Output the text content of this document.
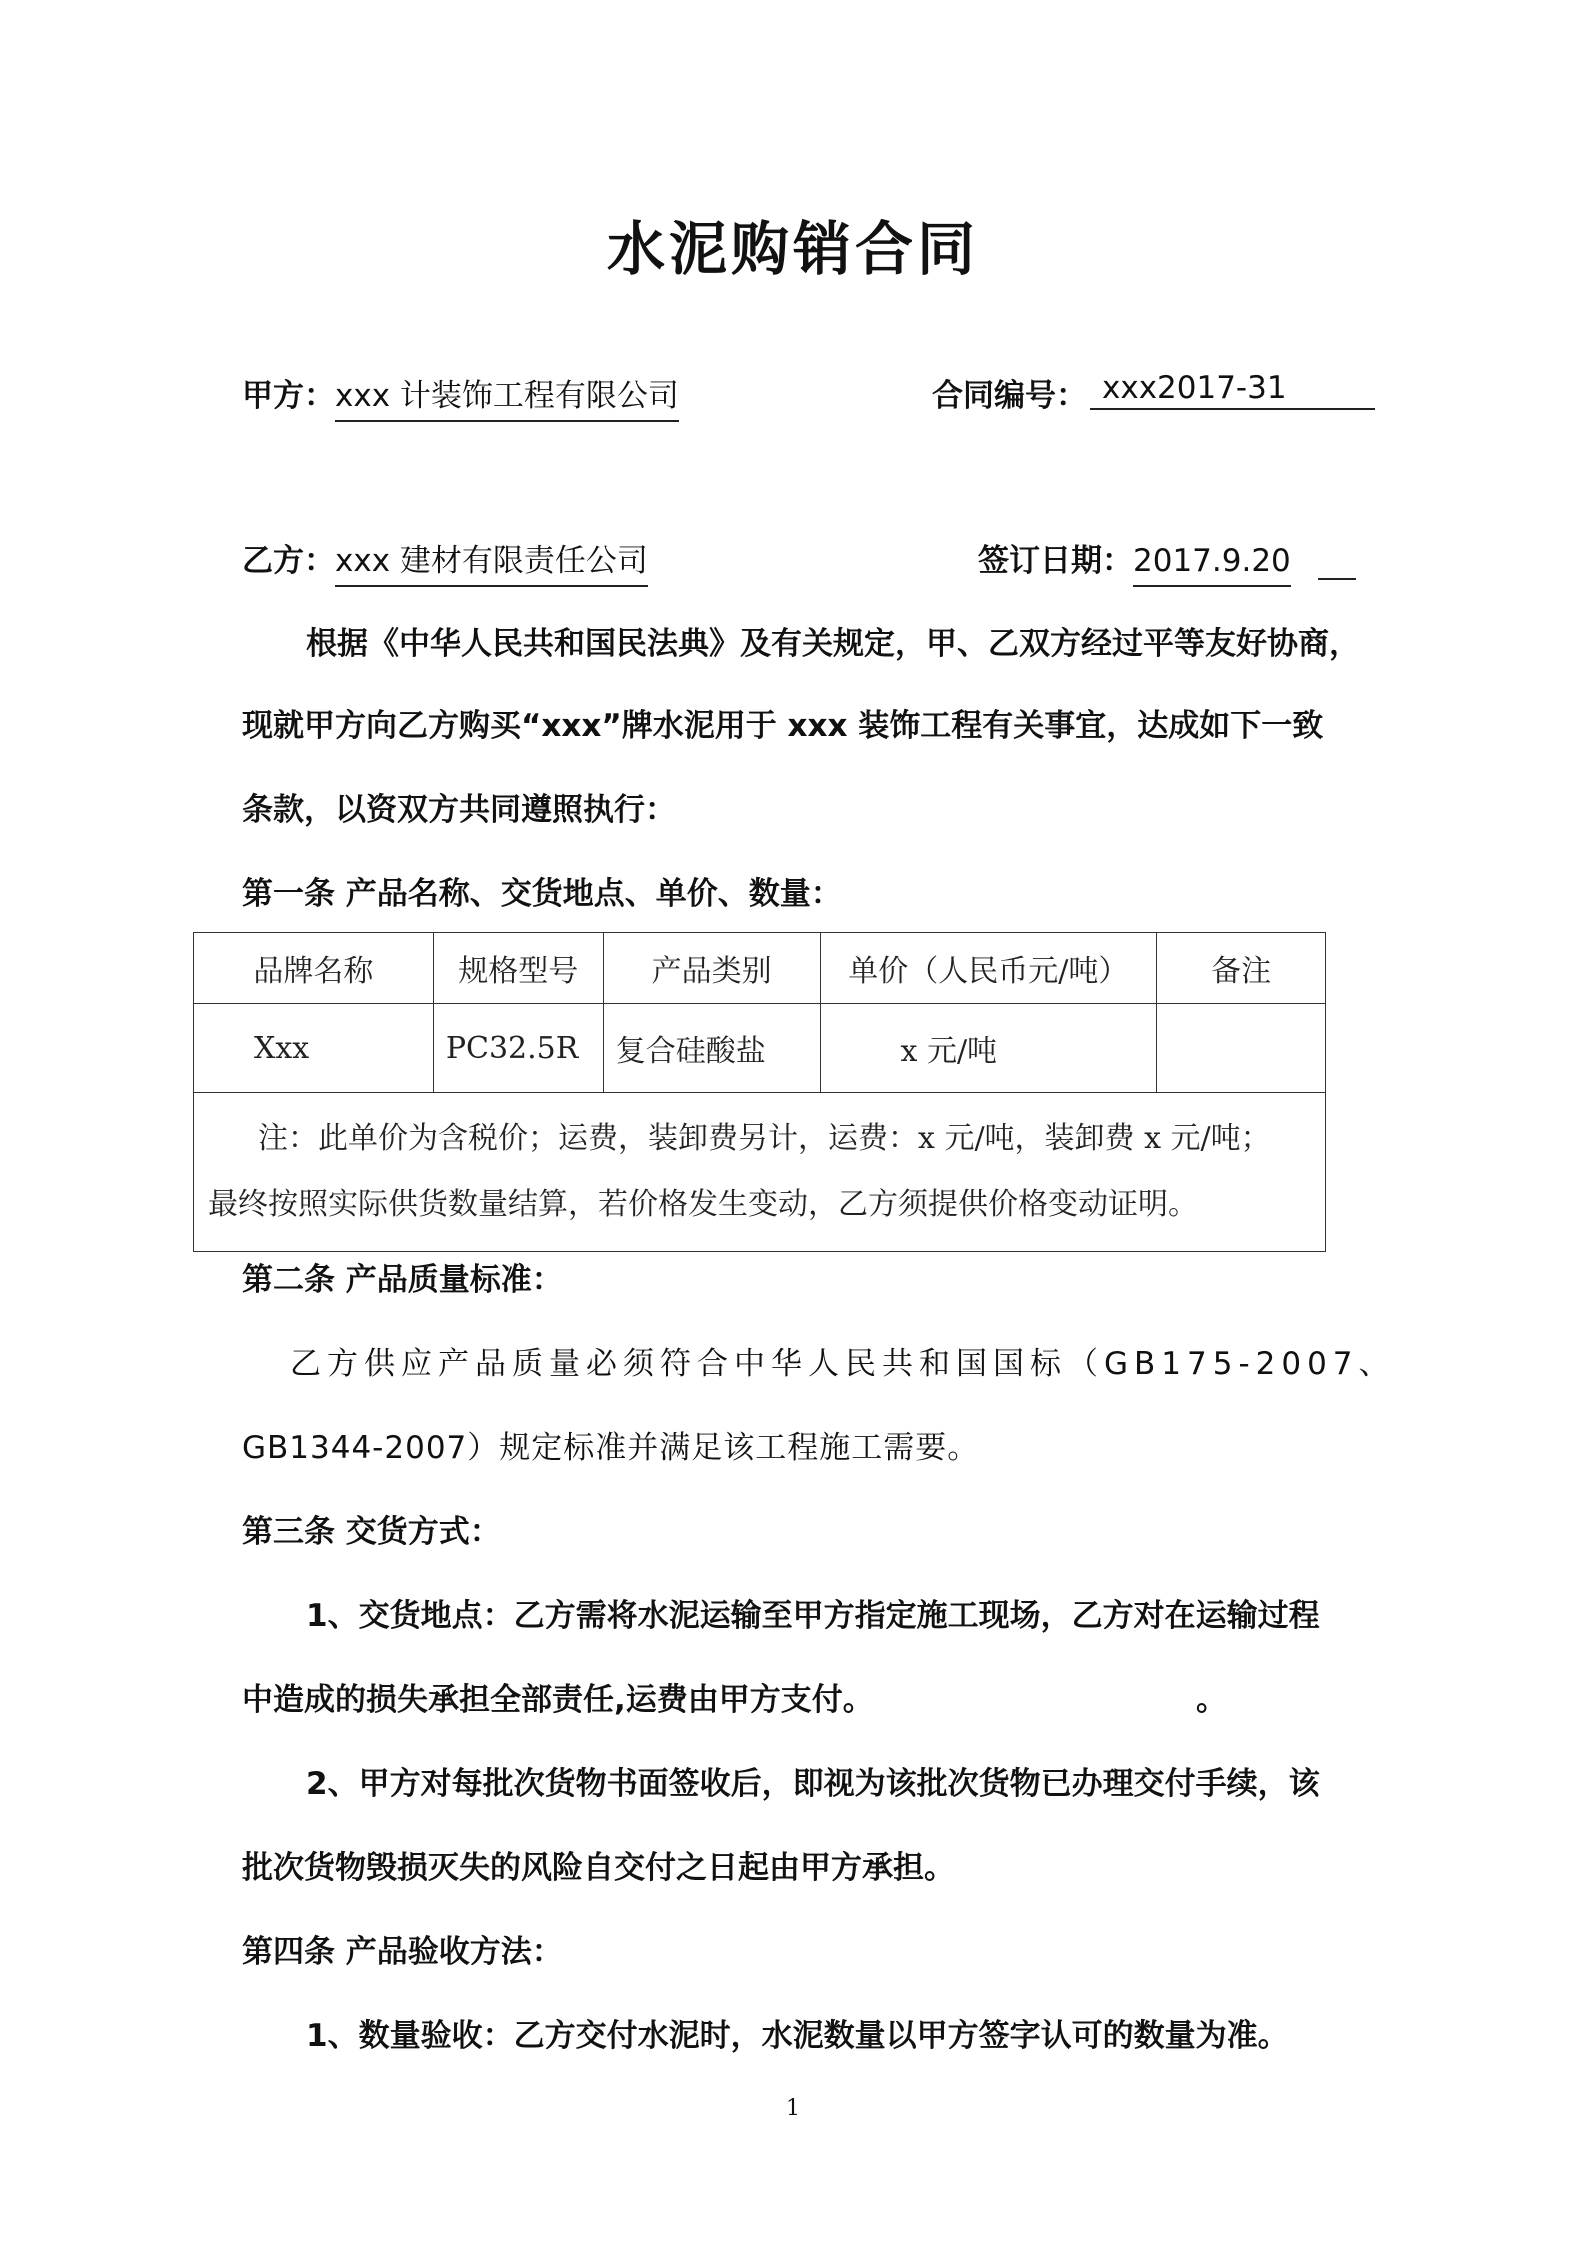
水泥购销合同
甲方：xxx 计装饰工程有限公司	合同编号： xxx2017-31
乙方：xxx 建材有限责任公司	签订日期：2017.9.20
根据《中华人民共和国民法典》及有关规定，甲、乙双方经过平等友好协商，
现就甲方向乙方购买“xxx”牌水泥用于 xxx 装饰工程有关事宜，达成如下一致
条款，以资双方共同遵照执行：
第一条 产品名称、交货地点、单价、数量：
品牌名称	规格型号	产品类别	单价（人民币元/吨）	备注
Xxx	PC32.5R	复合硅酸盐	x 元/吨	

注：此单价为含税价；运费，装卸费另计，运费：x 元/吨，装卸费 x 元/吨；
最终按照实际供货数量结算，若价格发生变动，乙方须提供价格变动证明。				
第二条 产品质量标准：
乙方供应产品质量必须符合中华人民共和国国标（GB175-2007、
GB1344-2007）规定标准并满足该工程施工需要。
第三条 交货方式：
1、交货地点：乙方需将水泥运输至甲方指定施工现场，乙方对在运输过程
中造成的损失承担全部责任,运费由甲方支付。	。
2、甲方对每批次货物书面签收后，即视为该批次货物已办理交付手续，该
批次货物毁损灭失的风险自交付之日起由甲方承担。
第四条 产品验收方法：
1、数量验收：乙方交付水泥时，水泥数量以甲方签字认可的数量为准。
1
